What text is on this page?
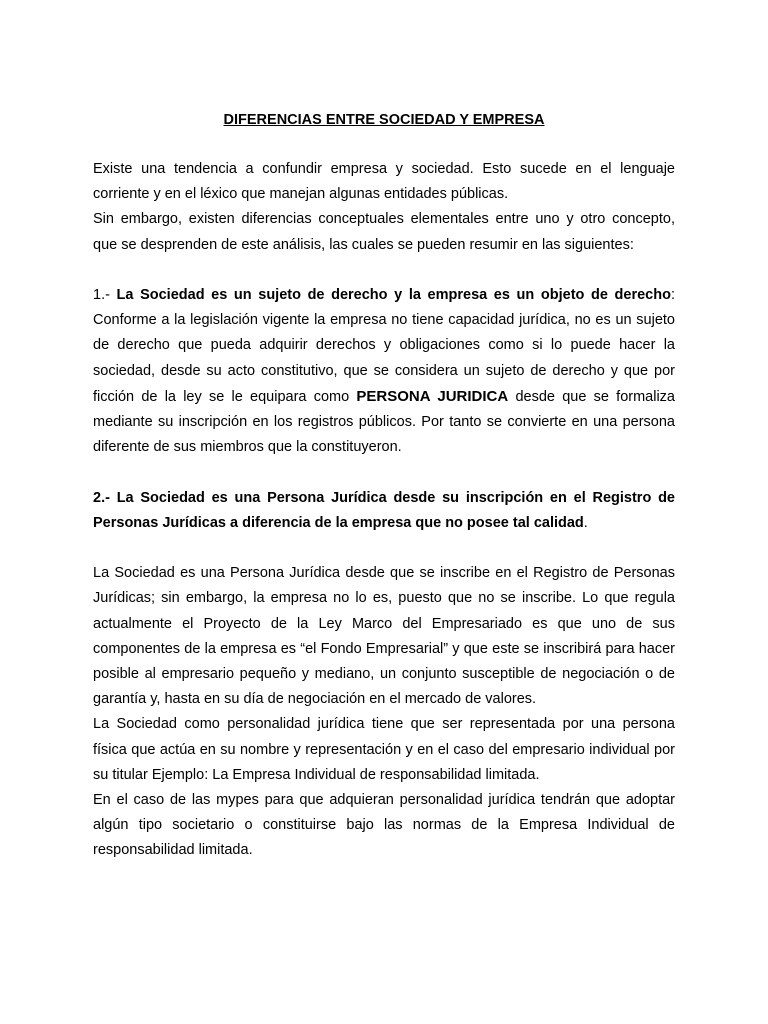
DIFERENCIAS ENTRE SOCIEDAD Y EMPRESA

Existe una tendencia a confundir empresa y sociedad. Esto sucede en el lenguaje corriente y en el léxico que manejan algunas entidades públicas.

Sin embargo, existen diferencias conceptuales elementales entre uno y otro concepto, que se desprenden de este análisis, las cuales se pueden resumir en las siguientes:

1.- La Sociedad es un sujeto de derecho y la empresa es un objeto de derecho: Conforme a la legislación vigente la empresa no tiene capacidad jurídica, no es un sujeto de derecho que pueda adquirir derechos y obligaciones como si lo puede hacer la sociedad, desde su acto constitutivo, que se considera un sujeto de derecho y que por ficción de la ley se le equipara como PERSONA JURIDICA desde que se formaliza mediante su inscripción en los registros públicos. Por tanto se convierte en una persona diferente de sus miembros que la constituyeron.

2.- La Sociedad es una Persona Jurídica desde su inscripción en el Registro de Personas Jurídicas a diferencia de la empresa que no posee tal calidad.

La Sociedad es una Persona Jurídica desde que se inscribe en el Registro de Personas Jurídicas; sin embargo, la empresa no lo es, puesto que no se inscribe. Lo que regula actualmente el Proyecto de la Ley Marco del Empresariado es que uno de sus componentes de la empresa es “el Fondo Empresarial” y que este se inscribirá para hacer posible al empresario pequeño y mediano, un conjunto susceptible de negociación o de garantía y, hasta en su día de negociación en el mercado de valores.

La Sociedad como personalidad jurídica tiene que ser representada por una persona física que actúa en su nombre y representación y en el caso del empresario individual por su titular Ejemplo: La Empresa Individual de responsabilidad limitada.

En el caso de las mypes para que adquieran personalidad jurídica tendrán que adoptar algún tipo societario o constituirse bajo las normas de la Empresa Individual de responsabilidad limitada.
